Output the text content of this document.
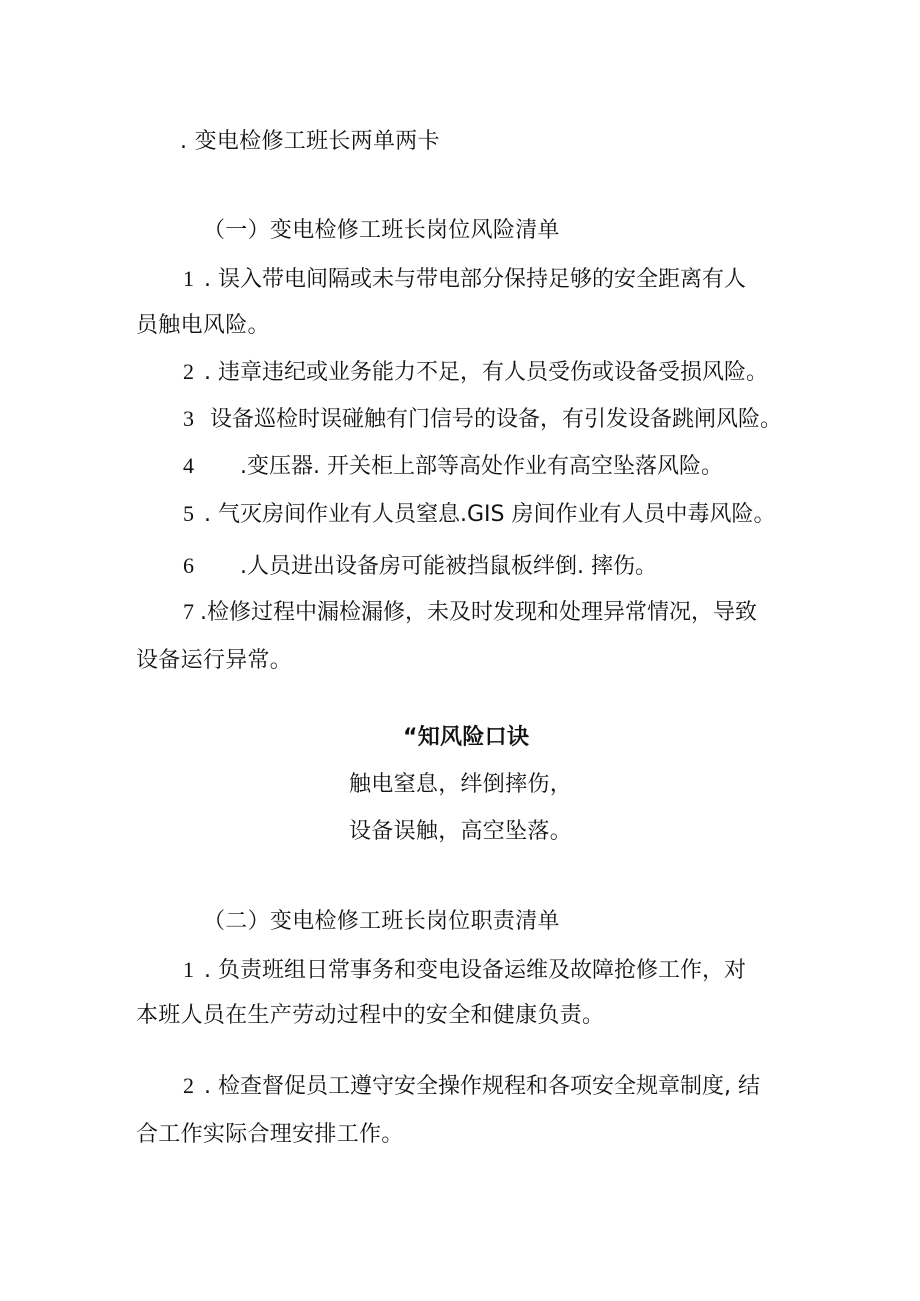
. 变电检修工班长两单两卡
（一）变电检修工班长岗位风险清单
1 . 误入带电间隔或未与带电部分保持足够的安全距离有人
员触电风险。
2 . 违章违纪或业务能力不足，有人员受伤或设备受损风险。
3 设备巡检时误碰触有门信号的设备，有引发设备跳闸风险。
4 .变压器. 开关柜上部等高处作业有高空坠落风险。
5 . 气灭房间作业有人员窒息.GIS 房间作业有人员中毒风险。
6 .人员进出设备房可能被挡鼠板绊倒. 摔伤。
7 .检修过程中漏检漏修，未及时发现和处理异常情况，导致
设备运行异常。
“知风险口诀
触电窒息，绊倒摔伤，
设备误触，高空坠落。
（二）变电检修工班长岗位职责清单
1 . 负责班组日常事务和变电设备运维及故障抢修工作，对
本班人员在生产劳动过程中的安全和健康负责。
2 . 检查督促员工遵守安全操作规程和各项安全规章制度, 结
合工作实际合理安排工作。
